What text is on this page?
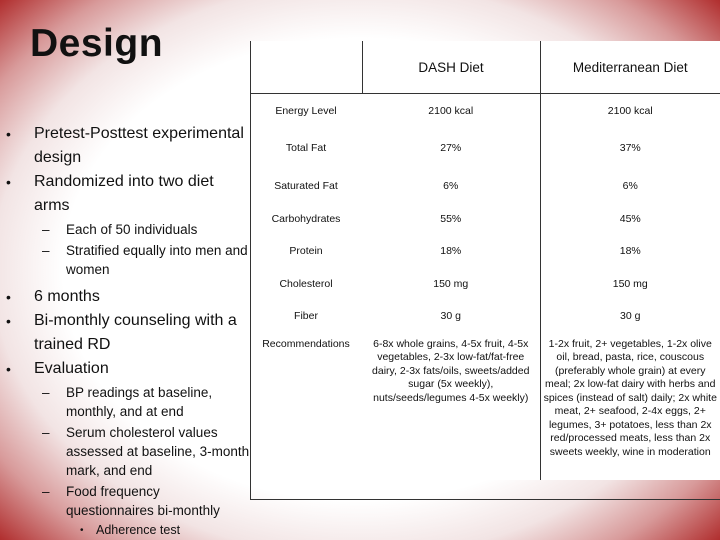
Design
• Pretest-Posttest experimental design
• Randomized into two diet arms
– Each of 50 individuals
– Stratified equally into men and women
• 6 months
• Bi-monthly counseling with a trained RD
• Evaluation
– BP readings at baseline, monthly, and at end
– Serum cholesterol values assessed at baseline, 3-month mark, and end
– Food frequency questionnaires bi-monthly
• Adherence test
	DASH Diet	Mediterranean Diet
Energy Level	2100 kcal	2100 kcal
Total Fat	27%	37%
Saturated Fat	6%	6%
Carbohydrates	55%	45%
Protein	18%	18%
Cholesterol	150 mg	150 mg
Fiber	30 g	30 g
Recommendations	6-8x whole grains, 4-5x fruit, 4-5x vegetables, 2-3x low-fat/fat-free dairy, 2-3x fats/oils, sweets/added sugar (5x weekly), nuts/seeds/legumes 4-5x weekly)	1-2x fruit, 2+ vegetables, 1-2x olive oil, bread, pasta, rice, couscous (preferably whole grain) at every meal; 2x low-fat dairy with herbs and spices (instead of salt) daily; 2x white meat, 2+ seafood, 2-4x eggs, 2+ legumes, 3+ potatoes, less than 2x red/processed meats, less than 2x sweets weekly, wine in moderation
